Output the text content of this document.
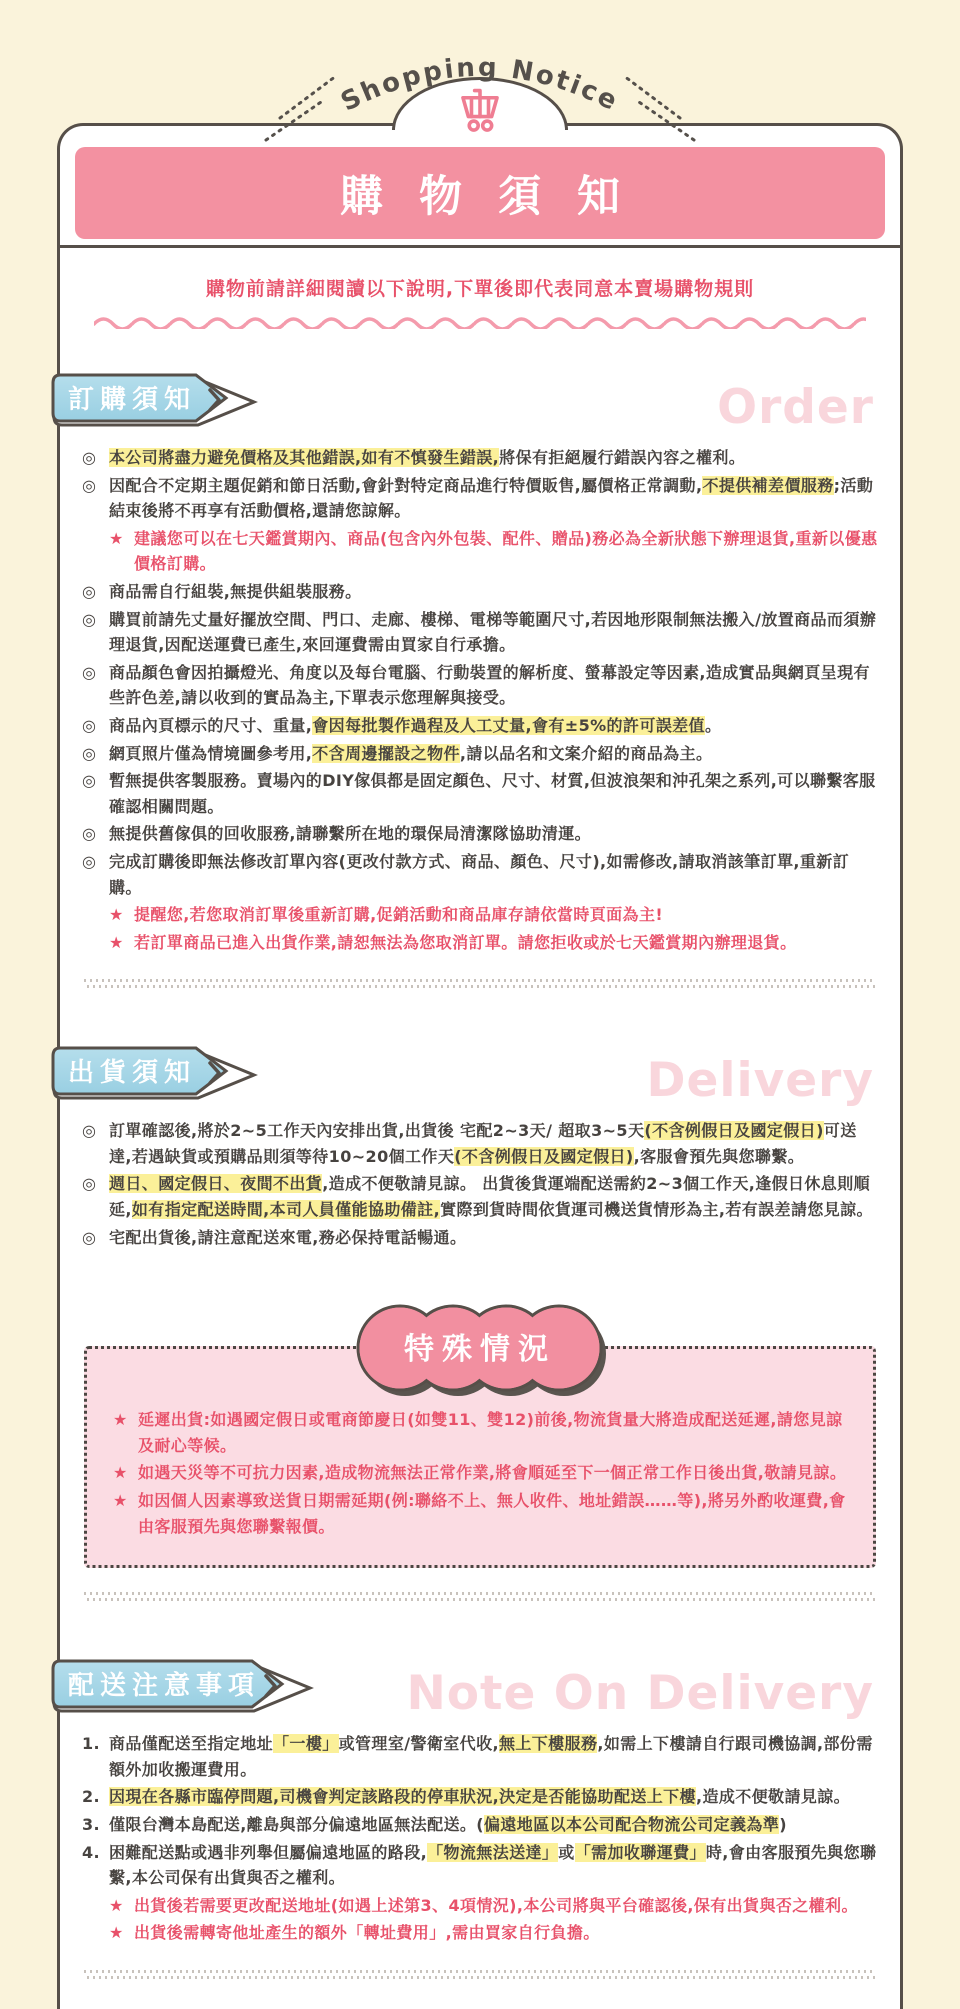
Shopping Notice
購物須知
購物前請詳細閱讀以下說明,下單後即代表同意本賣場購物規則
訂購須知	Order
◎ 本公司將盡力避免價格及其他錯誤,如有不慎發生錯誤,將保有拒絕履行錯誤內容之權利。
◎ 因配合不定期主題促銷和節日活動,會針對特定商品進行特價販售,屬價格正常調動,不提供補差價服務;活動結束後將不再享有活動價格,還請您諒解。
★ 建議您可以在七天鑑賞期內、商品(包含內外包裝、配件、贈品)務必為全新狀態下辦理退貨,重新以優惠價格訂購。
◎ 商品需自行組裝,無提供組裝服務。
◎ 購買前請先丈量好擺放空間、門口、走廊、樓梯、電梯等範圍尺寸,若因地形限制無法搬入/放置商品而須辦理退貨,因配送運費已產生,來回運費需由買家自行承擔。
◎ 商品顏色會因拍攝燈光、角度以及每台電腦、行動裝置的解析度、螢幕設定等因素,造成實品與網頁呈現有些許色差,請以收到的實品為主,下單表示您理解與接受。
◎ 商品內頁標示的尺寸、重量,會因每批製作過程及人工丈量,會有±5%的許可誤差值。
◎ 網頁照片僅為情境圖參考用,不含周邊擺設之物件,請以品名和文案介紹的商品為主。
◎ 暫無提供客製服務。賣場內的DIY傢俱都是固定顏色、尺寸、材質,但波浪架和沖孔架之系列,可以聯繫客服確認相關問題。
◎ 無提供舊傢俱的回收服務,請聯繫所在地的環保局清潔隊協助清運。
◎ 完成訂購後即無法修改訂單內容(更改付款方式、商品、顏色、尺寸),如需修改,請取消該筆訂單,重新訂購。
★ 提醒您,若您取消訂單後重新訂購,促銷活動和商品庫存請依當時頁面為主!
★ 若訂單商品已進入出貨作業,請恕無法為您取消訂單。請您拒收或於七天鑑賞期內辦理退貨。
出貨須知	Delivery
◎ 訂單確認後,將於2~5工作天內安排出貨,出貨後 宅配2~3天/ 超取3~5天(不含例假日及國定假日)可送達,若遇缺貨或預購品則須等待10~20個工作天(不含例假日及國定假日),客服會預先與您聯繫。
◎ 週日、國定假日、夜間不出貨,造成不便敬請見諒。 出貨後貨運端配送需約2~3個工作天,逢假日休息則順延,如有指定配送時間,本司人員僅能協助備註,實際到貨時間依貨運司機送貨情形為主,若有誤差請您見諒。
◎ 宅配出貨後,請注意配送來電,務必保持電話暢通。
特殊情況
★ 延遲出貨:如遇國定假日或電商節慶日(如雙11、雙12)前後,物流貨量大將造成配送延遲,請您見諒及耐心等候。
★ 如遇天災等不可抗力因素,造成物流無法正常作業,將會順延至下一個正常工作日後出貨,敬請見諒。
★ 如因個人因素導致送貨日期需延期(例:聯絡不上、無人收件、地址錯誤……等),將另外酌收運費,會由客服預先與您聯繫報價。
配送注意事項	Note On Delivery
1. 商品僅配送至指定地址「一樓」或管理室/警衛室代收,無上下樓服務,如需上下樓請自行跟司機協調,部份需額外加收搬運費用。
2. 因現在各縣市臨停問題,司機會判定該路段的停車狀況,決定是否能協助配送上下樓,造成不便敬請見諒。
3. 僅限台灣本島配送,離島與部分偏遠地區無法配送。(偏遠地區以本公司配合物流公司定義為準)
4. 困難配送點或遇非列舉但屬偏遠地區的路段,「物流無法送達」或「需加收聯運費」時,會由客服預先與您聯繫,本公司保有出貨與否之權利。
★ 出貨後若需要更改配送地址(如遇上述第3、4項情況),本公司將與平台確認後,保有出貨與否之權利。
★ 出貨後需轉寄他址產生的額外「轉址費用」,需由買家自行負擔。
